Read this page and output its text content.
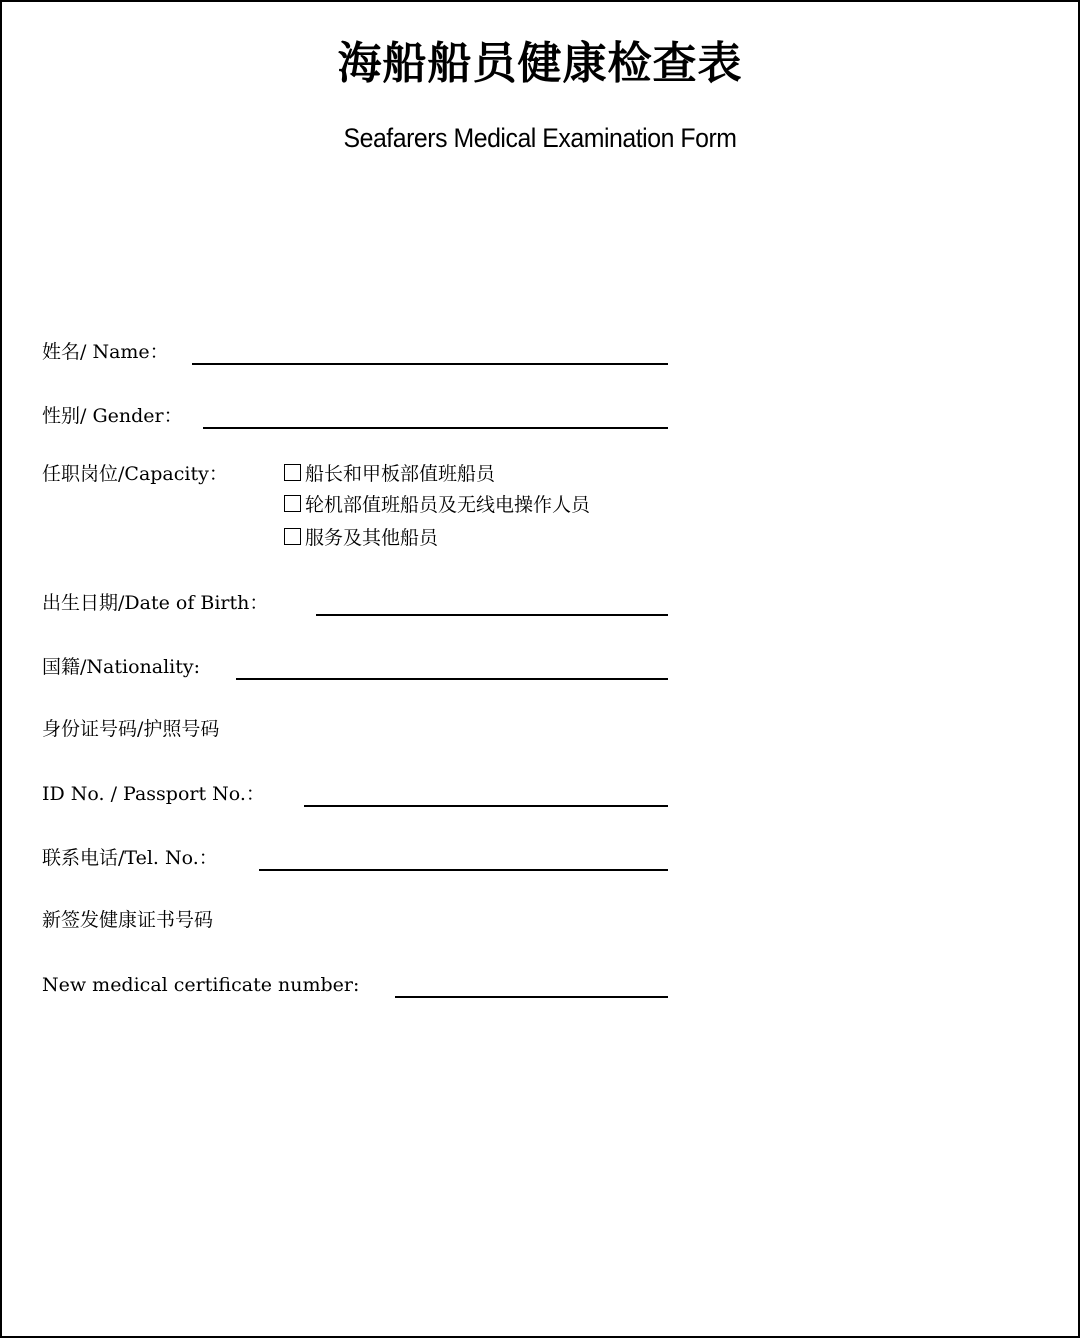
海船船员健康检查表
Seafarers Medical Examination Form
姓名/ Name：
性别/ Gender：
任职岗位/Capacity：	船长和甲板部值班船员
轮机部值班船员及无线电操作人员
服务及其他船员
出生日期/Date of Birth：
国籍/Nationality:
身份证号码/护照号码
ID No. / Passport No.：
联系电话/Tel. No.：
新签发健康证书号码
New medical certificate number:
